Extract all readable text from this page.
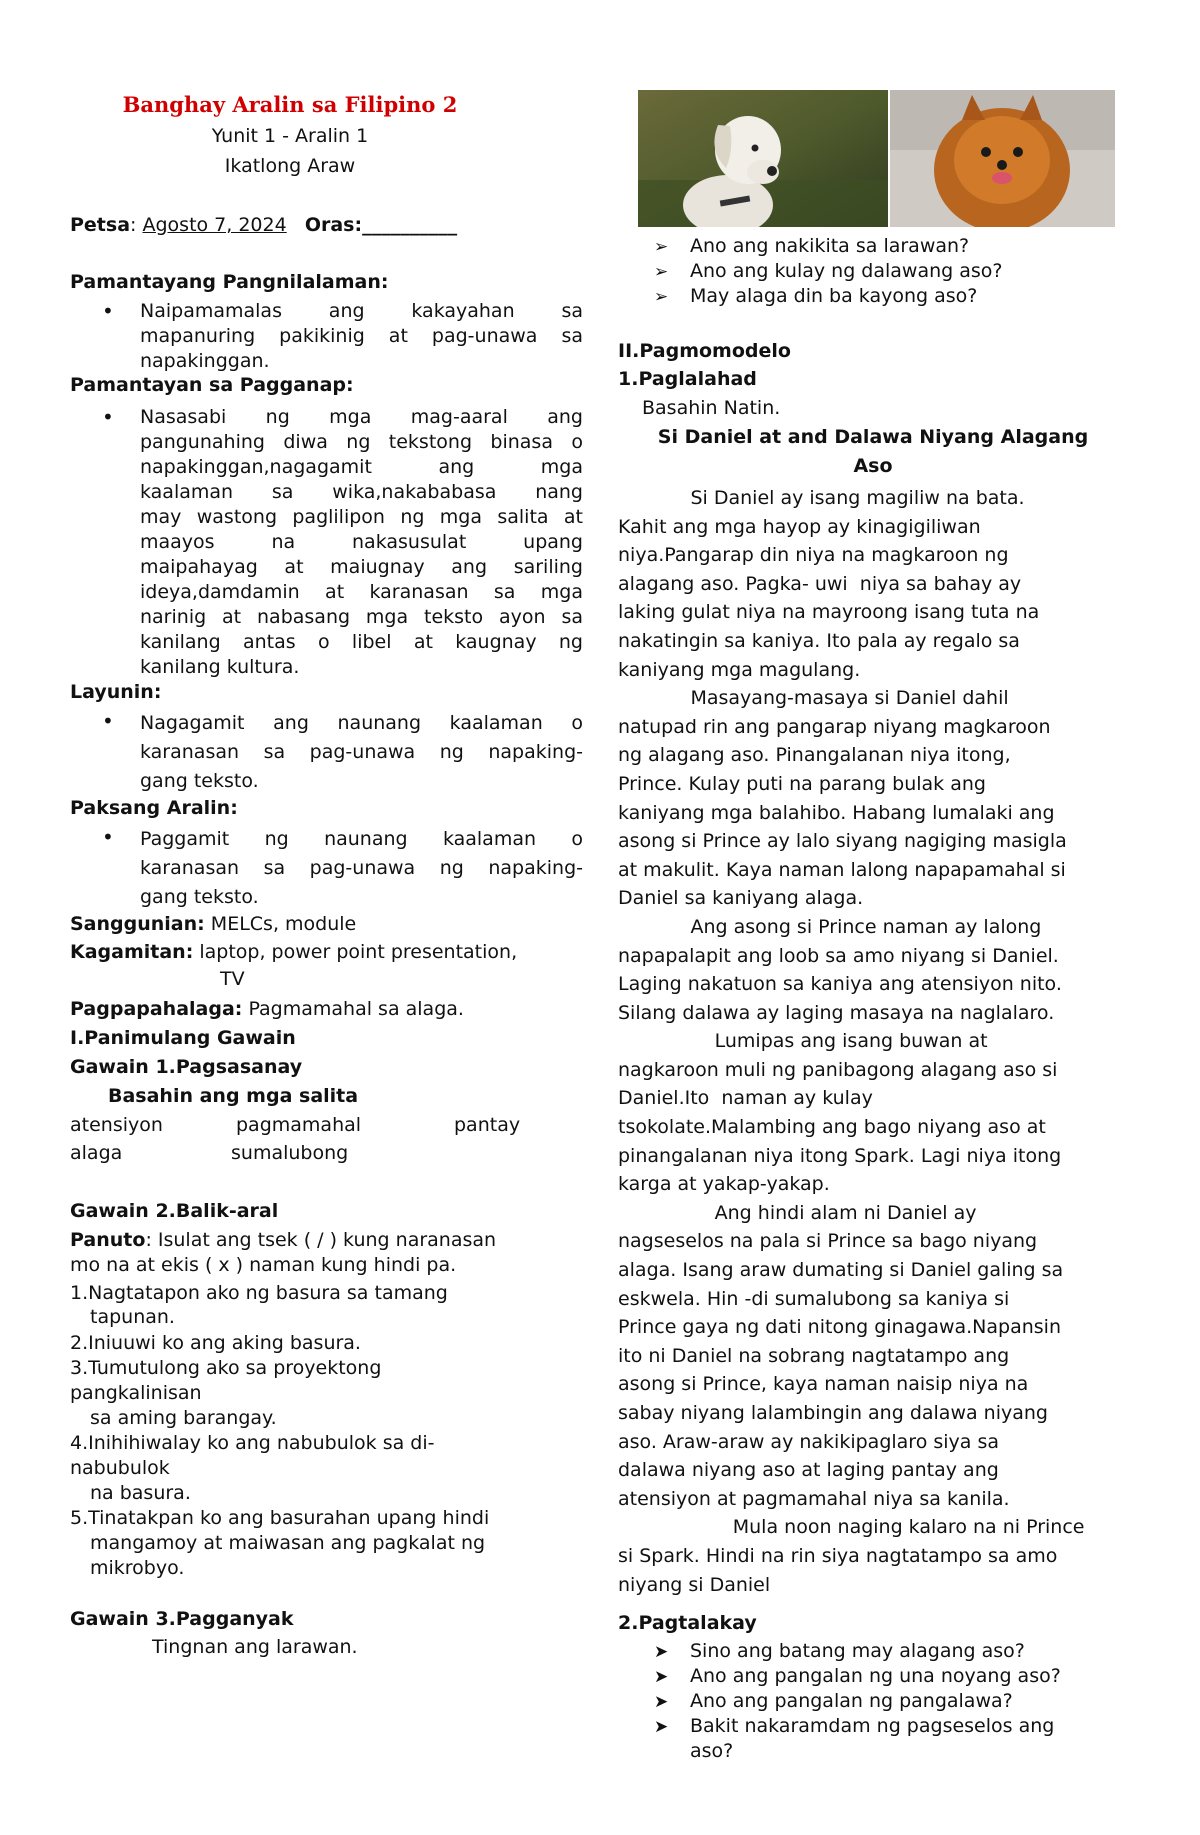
Banghay Aralin sa Filipino 2
Yunit 1 - Aralin 1
Ikatlong Araw
Petsa: Agosto 7, 2024 Oras:__________
Pamantayang Pangnilalaman:
• Naipamamalas ang kakayahan sa
mapanuring pakikinig at pag-unawa sa
napakinggan.
Pamantayan sa Pagganap:
• Nasasabi ng mga mag-aaral ang
pangunahing diwa ng tekstong binasa o
napakinggan,nagagamit ang mga
kaalaman sa wika,nakababasa nang
may wastong paglilipon ng mga salita at
maayos na nakasusulat upang
maipahayag at maiugnay ang sariling
ideya,damdamin at karanasan sa mga
narinig at nabasang mga teksto ayon sa
kanilang antas o libel at kaugnay ng
kanilang kultura.
Layunin:
• Nagagamit ang naunang kaalaman o
karanasan sa pag-unawa ng napaking-
gang teksto.
Paksang Aralin:
• Paggamit ng naunang kaalaman o
karanasan sa pag-unawa ng napaking-
gang teksto.
Sanggunian: MELCs, module
Kagamitan: laptop, power point presentation,
TV
Pagpapahalaga: Pagmamahal sa alaga.
I.Panimulang Gawain
Gawain 1.Pagsasanay
Basahin ang mga salita
atensiyon	pagmamahal	pantay
alaga	sumalubong
Gawain 2.Balik-aral
Panuto: Isulat ang tsek ( / ) kung naranasan
mo na at ekis ( x ) naman kung hindi pa.
1.Nagtatapon ako ng basura sa tamang
tapunan.
2.Iniuuwi ko ang aking basura.
3.Tumutulong ako sa proyektong
pangkalinisan
sa aming barangay.
4.Inihihiwalay ko ang nabubulok sa di-
nabubulok
na basura.
5.Tinatakpan ko ang basurahan upang hindi
mangamoy at maiwasan ang pagkalat ng
mikrobyo.
Gawain 3.Pagganyak
Tingnan ang larawan.
➢ Ano ang nakikita sa larawan?
➢ Ano ang kulay ng dalawang aso?
➢ May alaga din ba kayong aso?
II.Pagmomodelo
1.Paglalahad
Basahin Natin.
Si Daniel at and Dalawa Niyang Alagang
Aso
Si Daniel ay isang magiliw na bata.
Kahit ang mga hayop ay kinagigiliwan
niya.Pangarap din niya na magkaroon ng
alagang aso. Pagka- uwi  niya sa bahay ay
laking gulat niya na mayroong isang tuta na
nakatingin sa kaniya. Ito pala ay regalo sa
kaniyang mga magulang.
Masayang-masaya si Daniel dahil
natupad rin ang pangarap niyang magkaroon
ng alagang aso. Pinangalanan niya itong,
Prince. Kulay puti na parang bulak ang
kaniyang mga balahibo. Habang lumalaki ang
asong si Prince ay lalo siyang nagiging masigla
at makulit. Kaya naman lalong napapamahal si
Daniel sa kaniyang alaga.
Ang asong si Prince naman ay lalong
napapalapit ang loob sa amo niyang si Daniel.
Laging nakatuon sa kaniya ang atensiyon nito.
Silang dalawa ay laging masaya na naglalaro.
Lumipas ang isang buwan at
nagkaroon muli ng panibagong alagang aso si
Daniel.Ito  naman ay kulay
tsokolate.Malambing ang bago niyang aso at
pinangalanan niya itong Spark. Lagi niya itong
karga at yakap-yakap.
Ang hindi alam ni Daniel ay
nagseselos na pala si Prince sa bago niyang
alaga. Isang araw dumating si Daniel galing sa
eskwela. Hin -di sumalubong sa kaniya si
Prince gaya ng dati nitong ginagawa.Napansin
ito ni Daniel na sobrang nagtatampo ang
asong si Prince, kaya naman naisip niya na
sabay niyang lalambingin ang dalawa niyang
aso. Araw-araw ay nakikipaglaro siya sa
dalawa niyang aso at laging pantay ang
atensiyon at pagmamahal niya sa kanila.
Mula noon naging kalaro na ni Prince
si Spark. Hindi na rin siya nagtatampo sa amo
niyang si Daniel
2.Pagtalakay
➤ Sino ang batang may alagang aso?
➤ Ano ang pangalan ng una noyang aso?
➤ Ano ang pangalan ng pangalawa?
➤ Bakit nakaramdam ng pagseselos ang
aso?
